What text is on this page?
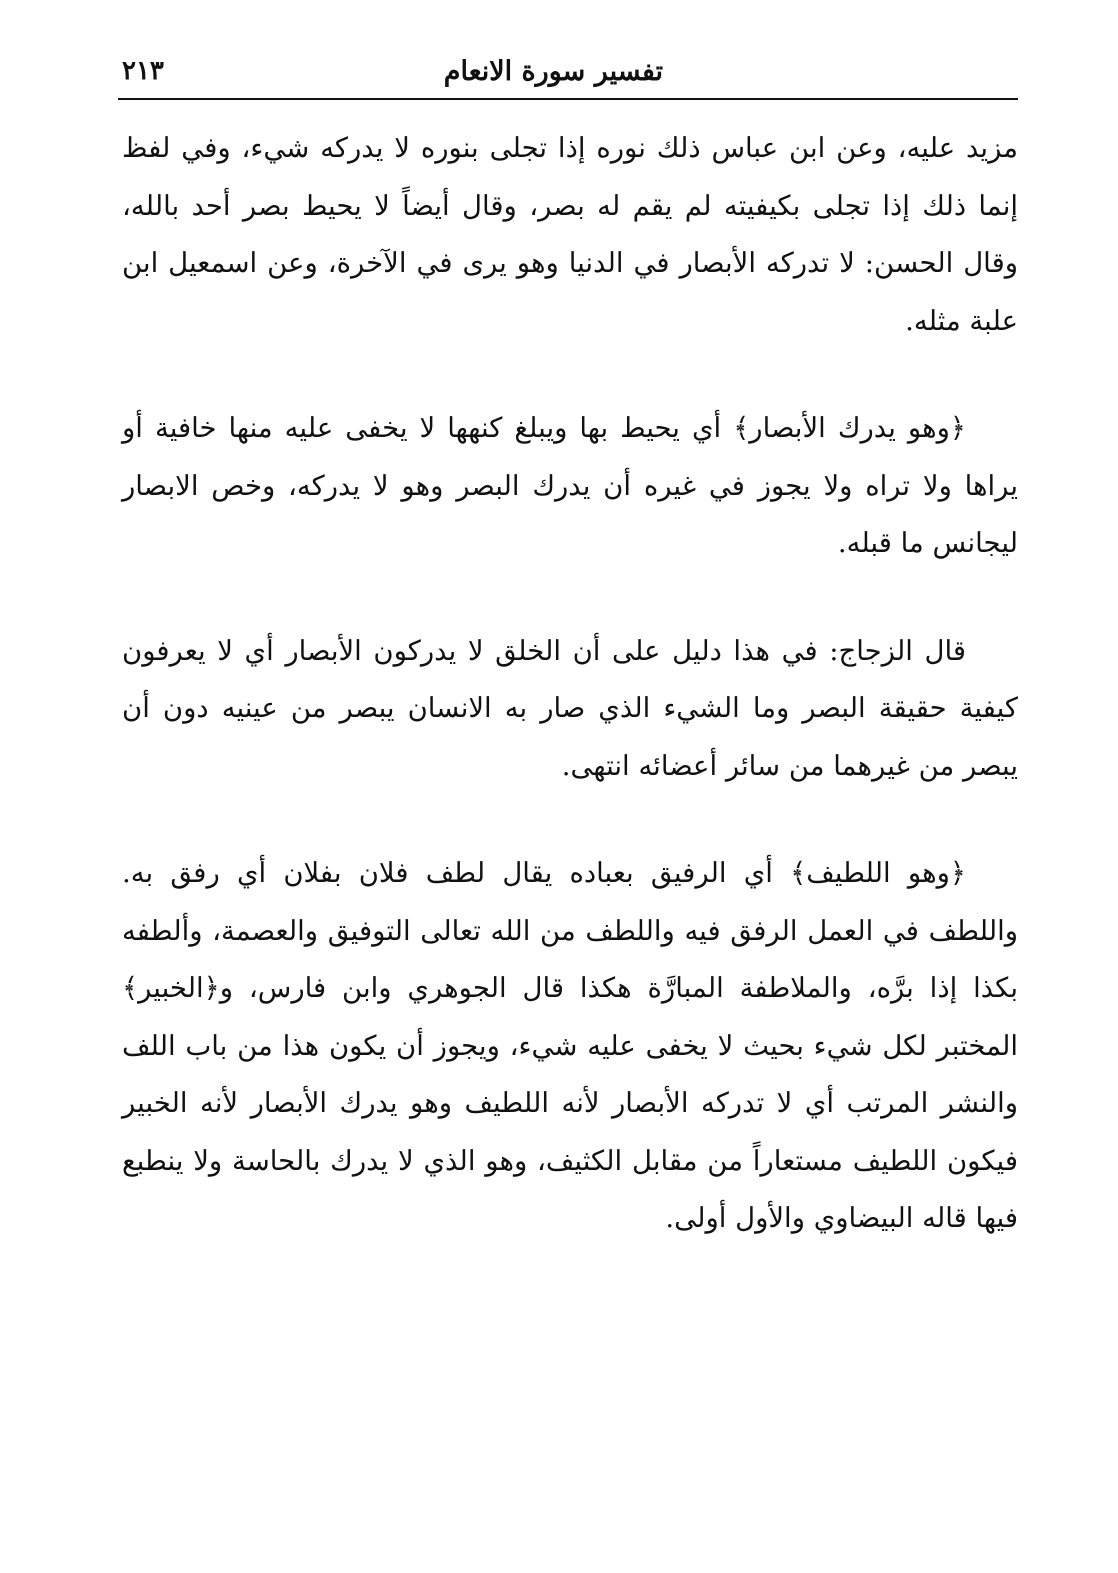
تفسير سورة الانعام
٢١٣

مزيد عليه، وعن ابن عباس ذلك نوره إذا تجلى بنوره لا يدركه شيء، وفي لفظ إنما ذلك إذا تجلى بكيفيته لم يقم له بصر، وقال أيضاً لا يحيط بصر أحد بالله، وقال الحسن: لا تدركه الأبصار في الدنيا وهو يرى في الآخرة، وعن اسمعيل ابن علبة مثله.

﴿وهو يدرك الأبصار﴾ أي يحيط بها ويبلغ كنهها لا يخفى عليه منها خافية أو يراها ولا تراه ولا يجوز في غيره أن يدرك البصر وهو لا يدركه، وخص الابصار ليجانس ما قبله.

قال الزجاج: في هذا دليل على أن الخلق لا يدركون الأبصار أي لا يعرفون كيفية حقيقة البصر وما الشيء الذي صار به الانسان يبصر من عينيه دون أن يبصر من غيرهما من سائر أعضائه انتهى.

﴿وهو اللطيف﴾ أي الرفيق بعباده يقال لطف فلان بفلان أي رفق به. واللطف في العمل الرفق فيه واللطف من الله تعالى التوفيق والعصمة، وألطفه بكذا إذا برَّه، والملاطفة المبارَّة هكذا قال الجوهري وابن فارس، و﴿الخبير﴾ المختبر لكل شيء بحيث لا يخفى عليه شيء، ويجوز أن يكون هذا من باب اللف والنشر المرتب أي لا تدركه الأبصار لأنه اللطيف وهو يدرك الأبصار لأنه الخبير فيكون اللطيف مستعاراً من مقابل الكثيف، وهو الذي لا يدرك بالحاسة ولا ينطبع فيها قاله البيضاوي والأول أولى.
